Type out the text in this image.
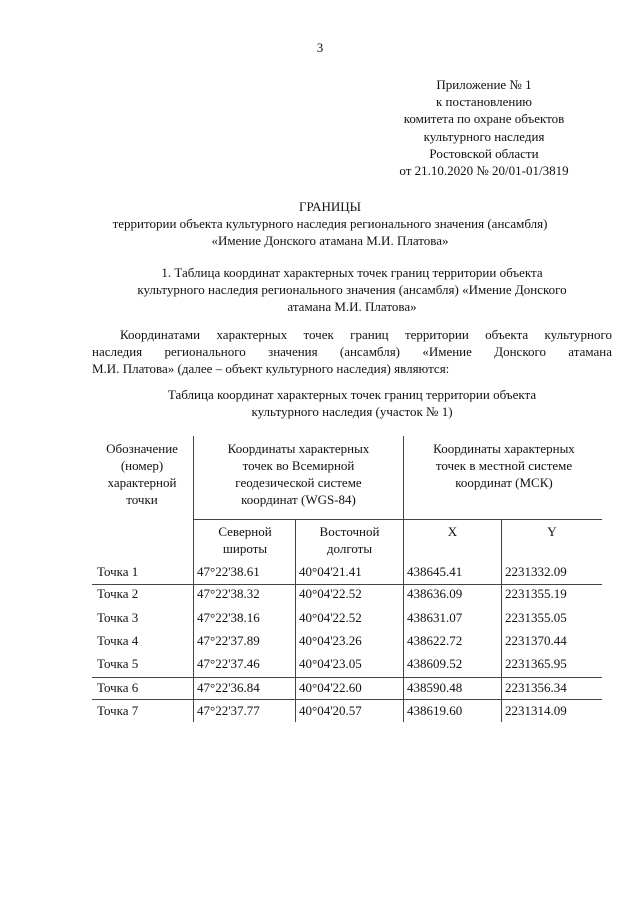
3
Приложение № 1
к постановлению
комитета по охране объектов
культурного наследия
Ростовской области
от 21.10.2020 № 20/01-01/3819
ГРАНИЦЫ
территории объекта культурного наследия регионального значения (ансамбля)
«Имение Донского атамана М.И. Платова»
1. Таблица координат характерных точек границ территории объекта
культурного наследия регионального значения (ансамбля) «Имение Донского
атамана М.И. Платова»
Координатами характерных точек границ территории объекта культурного
наследия регионального значения (ансамбля) «Имение Донского атамана
М.И. Платова» (далее – объект культурного наследия) являются:
Таблица координат характерных точек границ территории объекта
культурного наследия (участок № 1)
Обозначение
(номер)
характерной
точки
Координаты характерных
точек во Всемирной
геодезической системе
координат (WGS-84)
Координаты характерных
точек в местной системе
координат (МСК)
Северной
широты
Восточной
долготы
X	Y
Точка 1	47°22'38.61	40°04'21.41	438645.41	2231332.09
Точка 2	47°22'38.32	40°04'22.52	438636.09	2231355.19
Точка 3	47°22'38.16	40°04'22.52	438631.07	2231355.05
Точка 4	47°22'37.89	40°04'23.26	438622.72	2231370.44
Точка 5	47°22'37.46	40°04'23.05	438609.52	2231365.95
Точка 6	47°22'36.84	40°04'22.60	438590.48	2231356.34
Точка 7	47°22'37.77	40°04'20.57	438619.60	2231314.09
